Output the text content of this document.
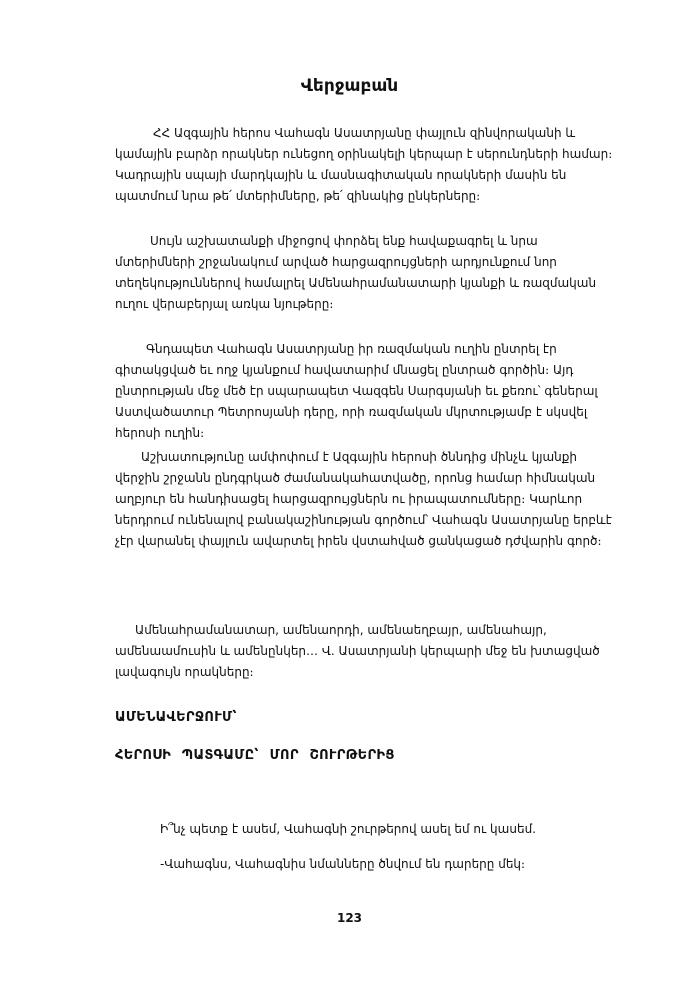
Վերջաբան
ՀՀ Ազգային հերոս Վահագն Ասատրյանը փայլուն զինվորականի և կամային բարձր որակներ ունեցող օրինակելի կերպար է սերունդների համար։ Կադրային սպայի մարդկային և մասնագիտական որակների մասին են պատմում նրա թե՛ մտերիմները, թե՛ զինակից ընկերները։
Սույն աշխատանքի միջոցով փորձել ենք հավաքագրել և նրա մտերիմների շրջանակում արված հարցազրույցների արդյունքում նոր տեղեկություններով համալրել Ամենահրամանատարի կյանքի և ռազմական ուղու վերաբերյալ առկա նյութերը։
Գնդապետ Վահագն Ասատրյանը իր ռազմական ուղին ընտրել էր գիտակցված եւ ողջ կյանքում հավատարիմ մնացել ընտրած գործին։ Այդ ընտրության մեջ մեծ էր սպարապետ Վազգեն Սարգսյանի եւ քեռու՝ գեներալ Աստվածատուր Պետրոսյանի դերը, որի ռազմական մկրտությամբ է սկսվել հերոսի ուղին։
Աշխատությունը ամփոփում է Ազգային հերոսի ծննդից մինչև կյանքի վերջին շրջանն ընդգրկած ժամանակահատվածը, որոնց համար հիմնական աղբյուր են հանդիսացել հարցազրույցներն ու իրապատումները։ Կարևոր ներդրում ունենալով բանակաշինության գործում՝ Վահագն Ասատրյանը երբևէ չէր վարանել փայլուն ավարտել իրեն վստահված ցանկացած դժվարին գործ։
Ամենահրամանատար, ամենաորդի, ամենաեղբայր, ամենահայր, ամենաամուսին և ամենընկեր… Վ. Ասատրյանի կերպարի մեջ են խտացված լավագույն որակները։
ԱՄԵՆԱՎԵՐՋՈՒՄ՝
ՀԵՐՈՍԻ ՊԱՏԳԱՄԸ՝ ՄՈՐ ՇՈՒՐԹԵՐԻՑ
Ի՞նչ պետք է ասեմ, Վահագնի շուրթերով ասել եմ ու կասեմ.
-Վահագնս, Վահագնիս նմանները ծնվում են դարերը մեկ։
123
